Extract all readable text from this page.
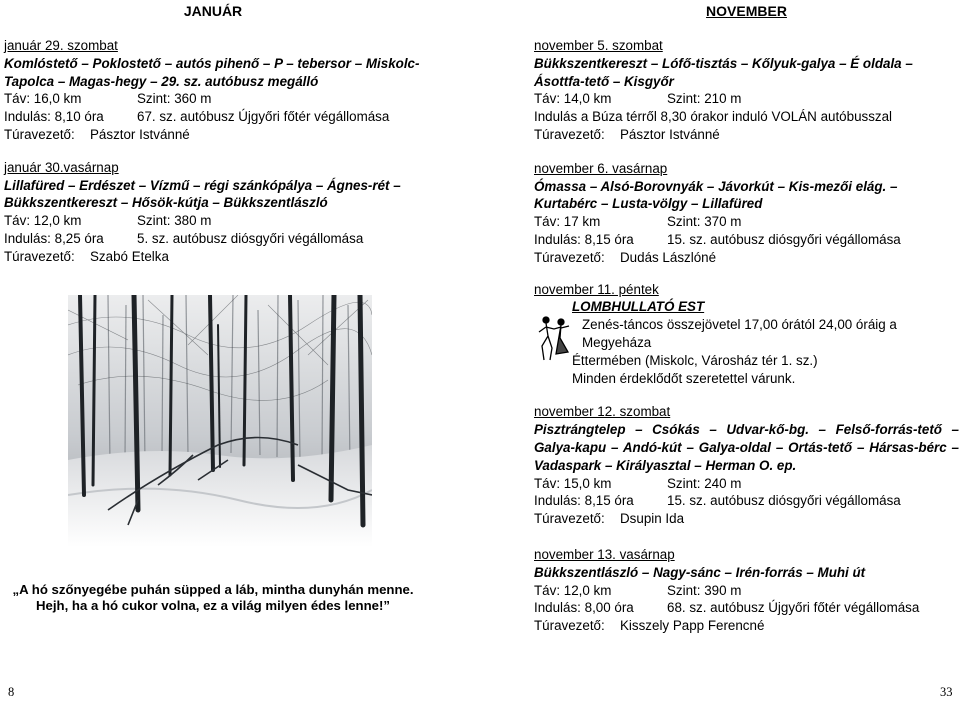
JANUÁR
január 29. szombat
Komlóstető – Poklostető – autós pihenő – P – tebersor – Miskolc-Tapolca – Magas-hegy – 29. sz. autóbusz megálló
Táv: 16,0 km	Szint: 360 m
Indulás: 8,10 óra 67. sz. autóbusz Újgyőri főtér végállomása
Túravezető: Pásztor Istvánné
január 30.vasárnap
Lillafüred – Erdészet – Vízmű – régi szánkópálya – Ágnes-rét – Bükkszentkereszt – Hősök-kútja – Bükkszentlászló
Táv: 12,0 km	Szint: 380 m
Indulás: 8,25 óra 5. sz. autóbusz diósgyőri végállomása
Túravezető: Szabó Etelka
„A hó szőnyegébe puhán süpped a láb, mintha dunyhán menne.
Hejh, ha a hó cukor volna, ez a világ milyen édes lenne!”
8
NOVEMBER
november 5. szombat
Bükkszentkereszt – Lófő-tisztás – Kőlyuk-galya – É oldala – Ásottfa-tető – Kisgyőr
Táv: 14,0 km	Szint: 210 m
Indulás a Búza térről 8,30 órakor induló VOLÁN autóbusszal
Túravezető: Pásztor Istvánné
november 6. vasárnap
Ómassa – Alsó-Borovnyák – Jávorkút – Kis-mezői elág. – Kurtabérc – Lusta-völgy – Lillafüred
Táv: 17 km	Szint: 370 m
Indulás: 8,15 óra 15. sz. autóbusz diósgyőri végállomása
Túravezető: Dudás Lászlóné
november 11. péntek
LOMBHULLATÓ EST
Zenés-táncos összejövetel 17,00 órától 24,00 óráig a Megyeháza
Éttermében (Miskolc, Városház tér 1. sz.)
Minden érdeklődőt szeretettel várunk.
november 12. szombat
Pisztrángtelep – Csókás – Udvar-kő-bg. – Felső-forrás-tető – Galya-kapu – Andó-kút – Galya-oldal – Ortás-tető – Hársas-bérc – Vadaspark – Királyasztal – Herman O. ep.
Táv: 15,0 km	Szint: 240 m
Indulás: 8,15 óra 15. sz. autóbusz diósgyőri végállomása
Túravezető: Dsupin Ida
november 13. vasárnap
Bükkszentlászló – Nagy-sánc – Irén-forrás – Muhi út
Táv: 12,0 km	Szint: 390 m
Indulás: 8,00 óra 68. sz. autóbusz Újgyőri főtér végállomása
Túravezető: Kisszely Papp Ferencné
33
